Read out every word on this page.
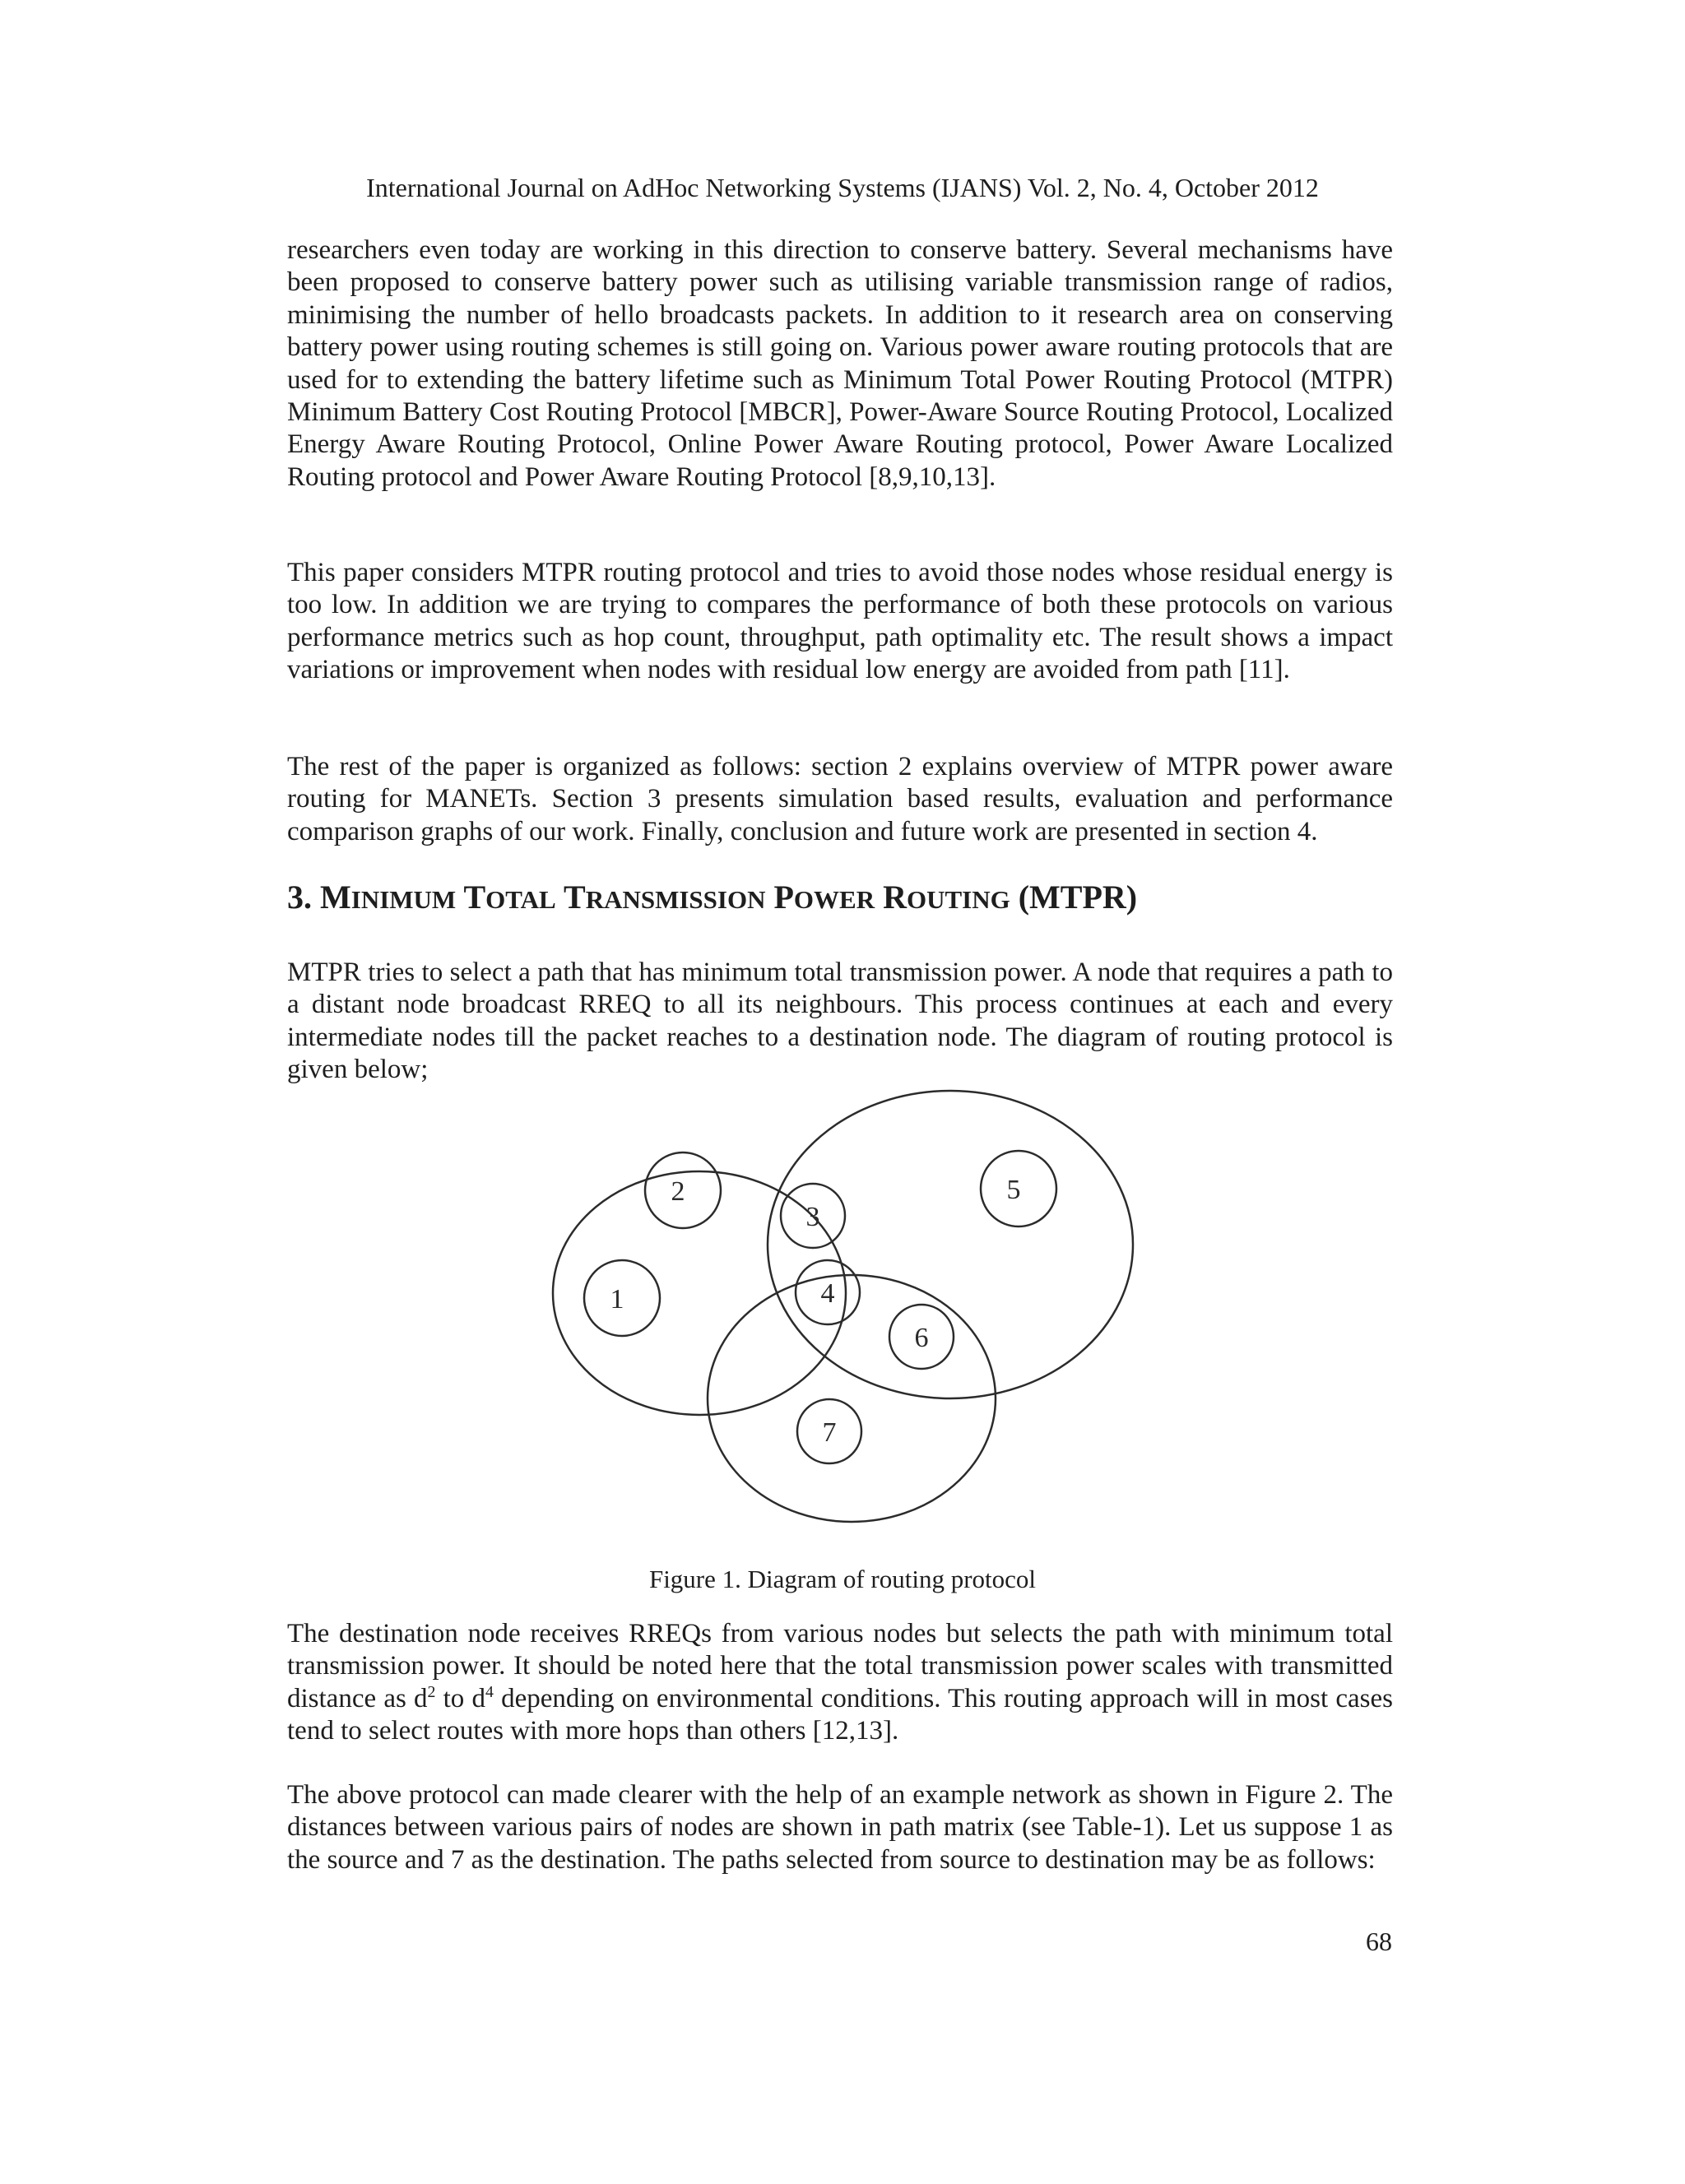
International Journal on AdHoc Networking Systems (IJANS) Vol. 2, No. 4, October 2012

researchers even today are working in this direction to conserve battery. Several mechanisms have been proposed to conserve battery power such as utilising variable transmission range of radios, minimising the number of hello broadcasts packets. In addition to it research area on conserving battery power using routing schemes is still going on. Various power aware routing protocols that are used for to extending the battery lifetime such as Minimum Total Power Routing Protocol (MTPR) Minimum Battery Cost Routing Protocol [MBCR], Power-Aware Source Routing Protocol, Localized Energy Aware Routing Protocol, Online Power Aware Routing protocol, Power Aware Localized Routing protocol and Power Aware Routing Protocol [8,9,10,13].

This paper considers MTPR routing protocol and tries to avoid those nodes whose residual energy is too low. In addition we are trying to compares the performance of both these protocols on various performance metrics such as hop count, throughput, path optimality etc. The result shows a impact variations or improvement when nodes with residual low energy are avoided from path [11].

The rest of the paper is organized as follows: section 2 explains overview of MTPR power aware routing for MANETs. Section 3 presents simulation based results, evaluation and performance comparison graphs of our work. Finally, conclusion and future work are presented in section 4.

3. MINIMUM TOTAL TRANSMISSION POWER ROUTING (MTPR)

MTPR tries to select a path that has minimum total transmission power. A node that requires a path to a distant node broadcast RREQ to all its neighbours. This process continues at each and every intermediate nodes till the packet reaches to a destination node. The diagram of routing protocol is given below;

2
1
3
4
5
6
7
Figure 1. Diagram of routing protocol

The destination node receives RREQs from various nodes but selects the path with minimum total transmission power. It should be noted here that the total transmission power scales with transmitted distance as $d^2$ to $d^4$ depending on environmental conditions. This routing approach will in most cases tend to select routes with more hops than others [12,13].

The above protocol can made clearer with the help of an example network as shown in Figure 2. The distances between various pairs of nodes are shown in path matrix (see Table-1). Let us suppose 1 as the source and 7 as the destination. The paths selected from source to destination may be as follows:

68
